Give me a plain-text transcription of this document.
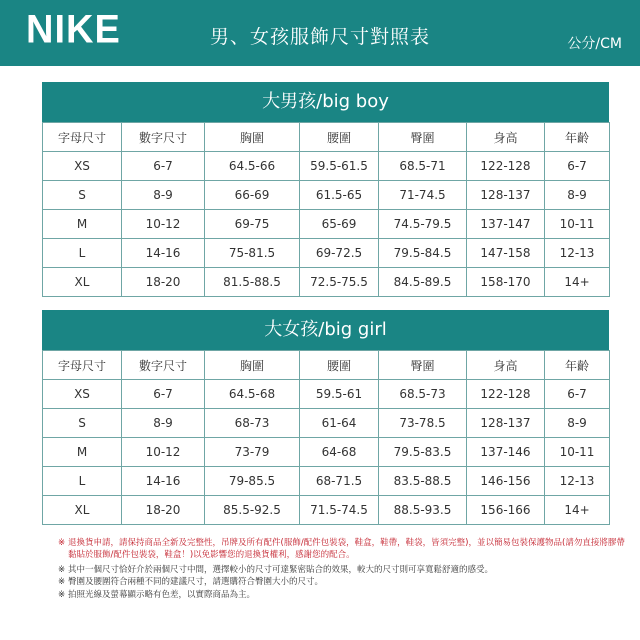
NIKE	男、女孩服飾尺寸對照表	公分/CM
大男孩/big boy
字母尺寸	數字尺寸	胸圍	腰圍	臀圍	身高	年齡
XS	6-7	64.5-66	59.5-61.5	68.5-71	122-128	6-7
S	8-9	66-69	61.5-65	71-74.5	128-137	8-9
M	10-12	69-75	65-69	74.5-79.5	137-147	10-11
L	14-16	75-81.5	69-72.5	79.5-84.5	147-158	12-13
XL	18-20	81.5-88.5	72.5-75.5	84.5-89.5	158-170	14+
大女孩/big girl
字母尺寸	數字尺寸	胸圍	腰圍	臀圍	身高	年齡
XS	6-7	64.5-68	59.5-61	68.5-73	122-128	6-7
S	8-9	68-73	61-64	73-78.5	128-137	8-9
M	10-12	73-79	64-68	79.5-83.5	137-146	10-11
L	14-16	79-85.5	68-71.5	83.5-88.5	146-156	12-13
XL	18-20	85.5-92.5	71.5-74.5	88.5-93.5	156-166	14+
※ 退換貨申請，請保持商品全新及完整性，吊牌及所有配件(服飾/配件包裝袋，鞋盒，鞋帶，鞋袋，皆須完整)，並以簡易包裝保護物品(請勿直接將膠帶黏貼於服飾/配件包裝袋，鞋盒！)以免影響您的退換貨權利，感謝您的配合。
※ 其中一個尺寸恰好介於兩個尺寸中間，選擇較小的尺寸可達緊密貼合的效果，較大的尺寸則可享寬鬆舒適的感受。
※ 臀圍及腰圍符合兩種不同的建議尺寸，請選購符合臀圍大小的尺寸。
※ 拍照光線及螢幕顯示略有色差，以實際商品為主。
